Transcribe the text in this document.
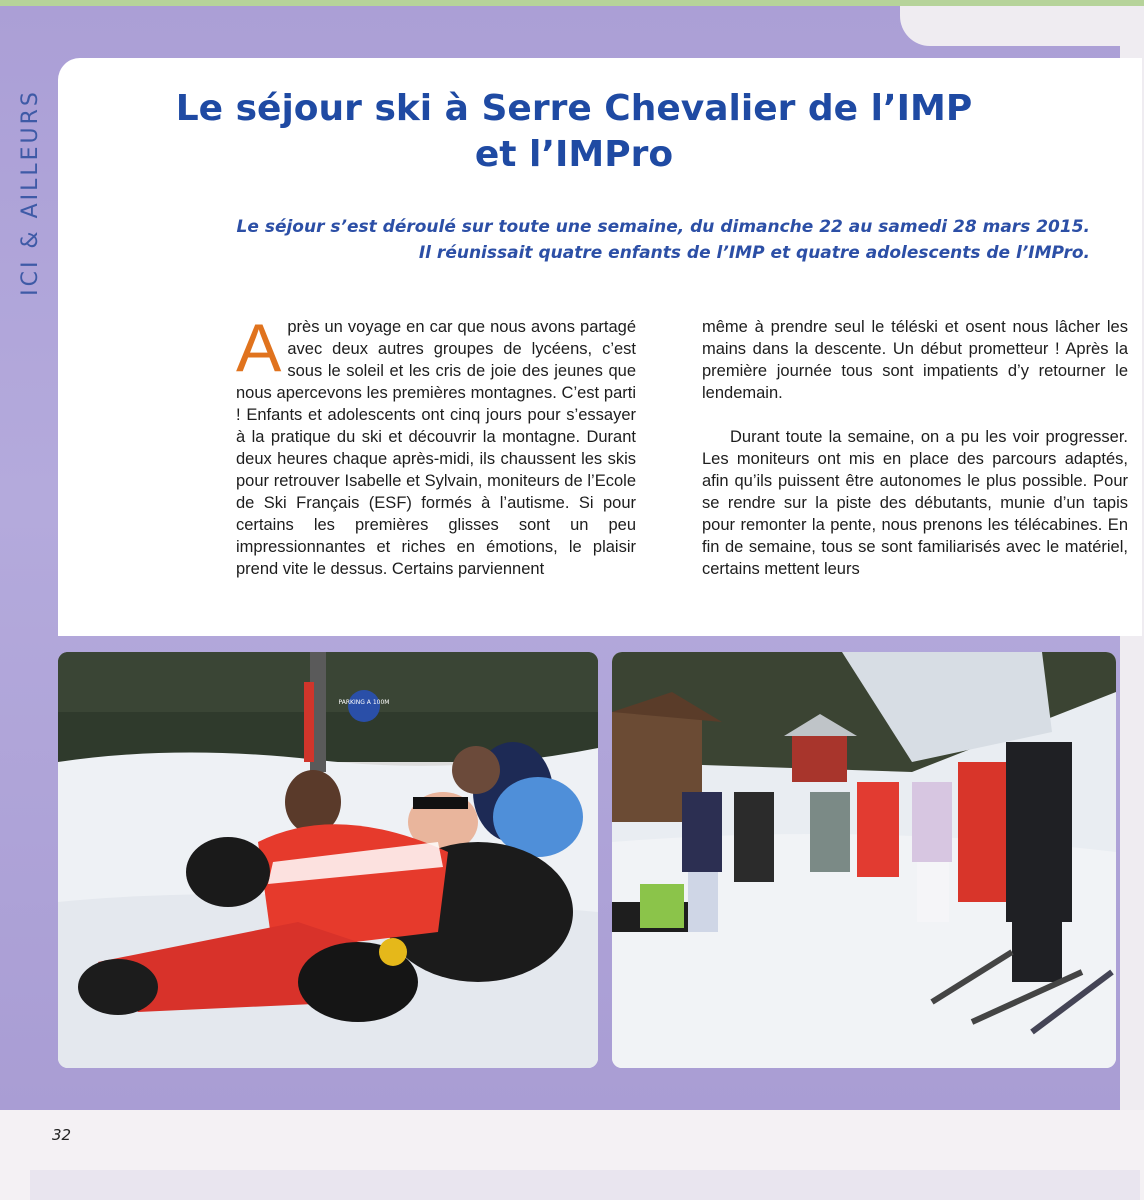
ICI & AILLEURS	Le séjour ski à Serre Chevalier de l’IMP
et l’IMPro
Le séjour s’est déroulé sur toute une semaine, du dimanche 22 au samedi 28 mars 2015.
Il réunissait quatre enfants de l’IMP et quatre adolescents de l’IMPro.

Après un voyage en car que nous avons partagé avec deux autres groupes de lycéens, c’est sous le soleil et les cris de joie des jeunes que nous apercevons les premières montagnes. C’est parti ! Enfants et adolescents ont cinq jours pour s’essayer à la pratique du ski et découvrir la montagne. Durant deux heures chaque après-midi, ils chaussent les skis pour retrouver Isabelle et Sylvain, moniteurs de l’Ecole de Ski Français (ESF) formés à l’autisme. Si pour certains les premières glisses sont un peu impressionnantes et riches en émotions, le plaisir prend vite le dessus. Certains parviennent

même à prendre seul le téléski et osent nous lâcher les mains dans la descente. Un début prometteur ! Après la première journée tous sont impatients d’y retourner le lendemain.

Durant toute la semaine, on a pu les voir progresser. Les moniteurs ont mis en place des parcours adaptés, afin qu’ils puissent être autonomes le plus possible. Pour se rendre sur la piste des débutants, munie d’un tapis pour remonter la pente, nous prenons les télécabines. En fin de semaine, tous se sont familiarisés avec le matériel, certains mettent leurs

PARKING A 100M
32
